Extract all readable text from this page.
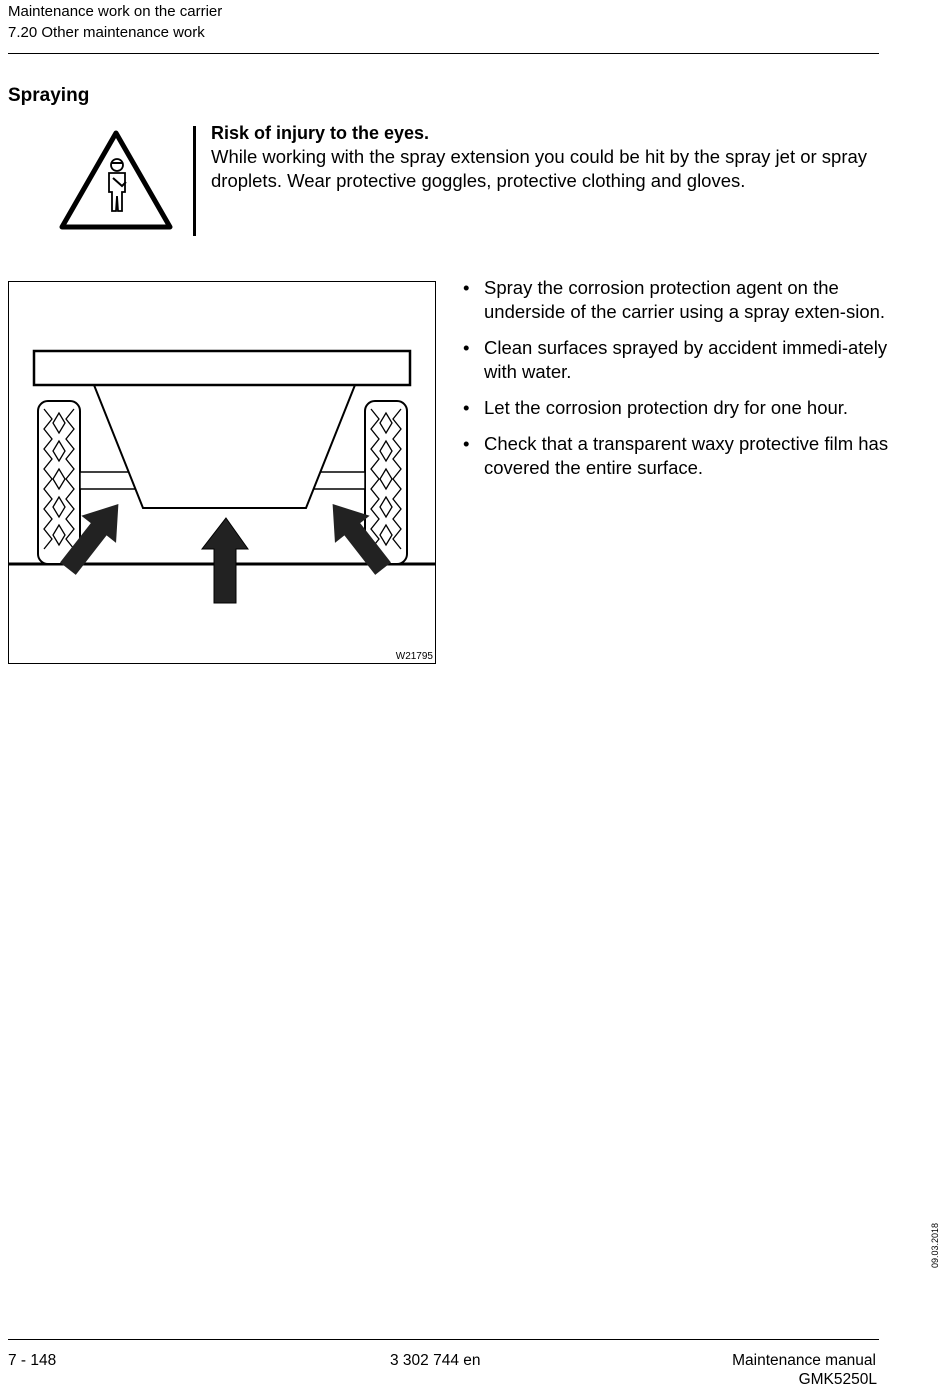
Maintenance work on the carrier
7.20 Other maintenance work
Spraying
Risk of injury to the eyes.
While working with the spray extension you could be hit by the spray jet or spray droplets. Wear protective goggles, protective clothing and gloves.
W21795
• Spray the corrosion protection agent on the underside of the carrier using a spray exten-sion.
• Clean surfaces sprayed by accident immedi-ately with water.
• Let the corrosion protection dry for one hour.
• Check that a transparent waxy protective film has covered the entire surface.
09.03.2018
7 - 148	3 302 744 en	Maintenance manual
GMK5250L
